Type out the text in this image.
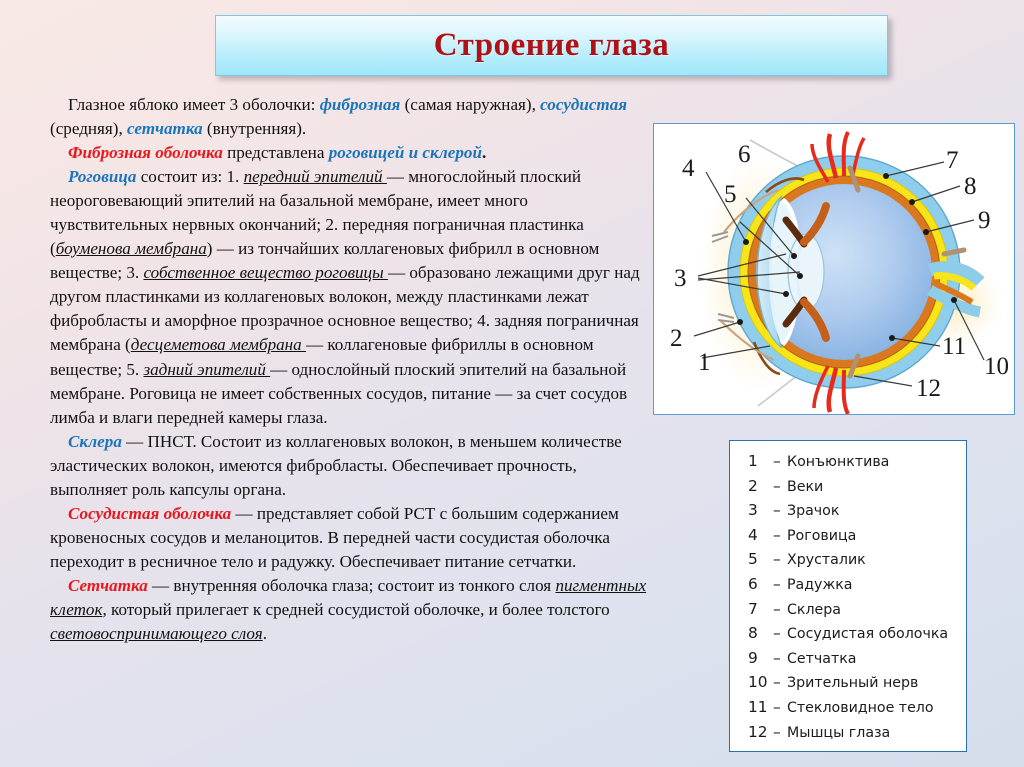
Строение глаза

Глазное яблоко имеет 3 оболочки: фиброзная (самая наружная), сосудистая (средняя), сетчатка (внутренняя).

Фиброзная оболочка представлена роговицей и склерой.

Роговица состоит из: 1. передний эпителий — многослойный плоский неороговевающий эпителий на базальной мембране, имеет много чувствительных нервных окончаний; 2. передняя пограничная пластинка (боуменова мембрана) — из тончайших коллагеновых фибрилл в основном веществе; 3. собственное вещество роговицы — образовано лежащими друг над другом пластинками из коллагеновых волокон, между пластинками лежат фибробласты и аморфное прозрачное основное вещество; 4. задняя пограничная мембрана (десцеметова мембрана — коллагеновые фибриллы в основном веществе; 5. задний эпителий — однослойный плоский эпителий на базальной мембране. Роговица не имеет собственных сосудов, питание — за счет сосудов лимба и влаги передней камеры глаза.

Склера — ПНСТ. Состоит из коллагеновых волокон, в меньшем количестве эластических волокон, имеются фибробласты. Обеспечивает прочность, выполняет роль капсулы органа.

Сосудистая оболочка — представляет собой РСТ с большим содержанием кровеносных сосудов и меланоцитов. В передней части сосудистая оболочка переходит в ресничное тело и радужку. Обеспечивает питание сетчатки.

Сетчатка — внутренняя оболочка глаза; состоит из тонкого слоя пигментных клеток, который прилегает к средней сосудистой оболочке, и более толстого световоспринимающего слоя.

4
6
5
3
2
1
7
8
9
11
10
12
1 – Конъюнктива
2 – Веки
3 – Зрачок
4 – Роговица
5 – Хрусталик
6 – Радужка
7 – Склера
8 – Сосудистая оболочка
9 – Сетчатка
10 – Зрительный нерв
11 – Стекловидное тело
12 – Мышцы глаза
